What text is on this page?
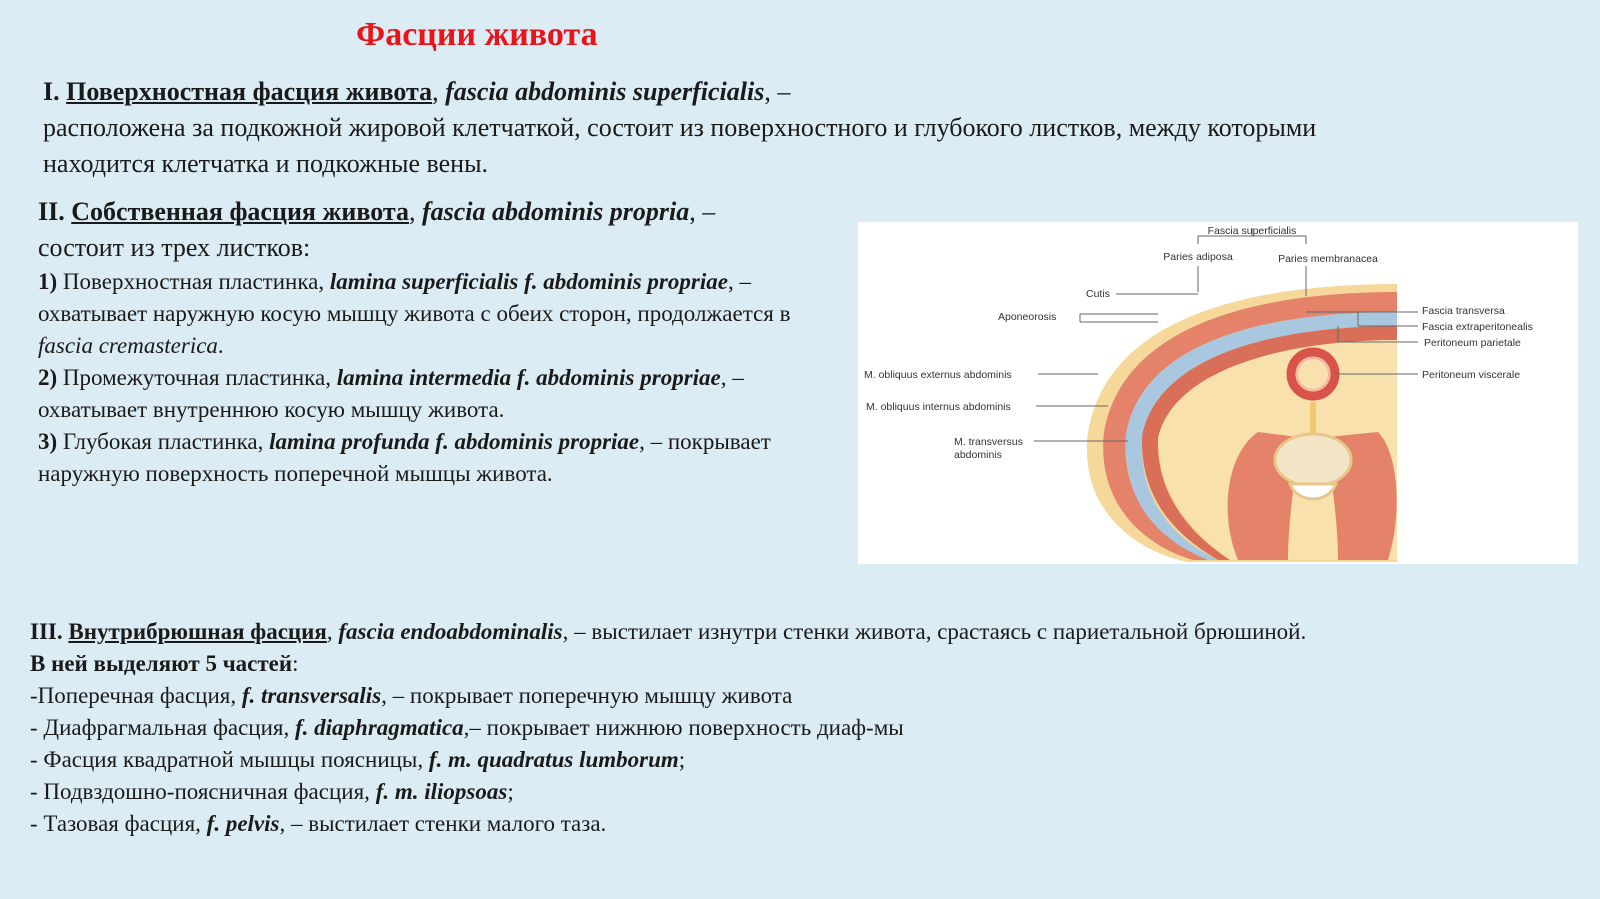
Фасции живота
I. Поверхностная фасция живота, fascia abdominis superficialis, –
расположена за подкожной жировой клетчаткой, состоит из поверхностного и глубокого листков, между которыми
находится клетчатка и подкожные вены.
II. Собственная фасция живота, fascia abdominis propria, –
состоит из трех листков:
1) Поверхностная пластинка, lamina superficialis f. abdominis propriae, –
охватывает наружную косую мышцу живота с обеих сторон, продолжается в
fascia cremasterica.
2) Промежуточная пластинка, lamina intermedia f. abdominis propriae, –
охватывает внутреннюю косую мышцу живота.
3) Глубокая пластинка, lamina profunda f. abdominis propriae, – покрывает
наружную поверхность поперечной мышцы живота.
Fascia superficialis
Paries adiposa	Paries membranacea
Cutis
Aponeorosis	Fascia transversa
Fascia extraperitonealis
Peritoneum parietale
M. obliquus externus abdominis	Peritoneum viscerale
M. obliquus internus abdominis
M. transversus
abdominis
III. Внутрибрюшная фасция, fascia endoabdominalis, – выстилает изнутри стенки живота, срастаясь с париетальной брюшиной.
В ней выделяют 5 частей:
-Поперечная фасция, f. transversalis, – покрывает поперечную мышцу живота
- Диафрагмальная фасция, f. diaphragmatica,– покрывает нижнюю поверхность диаф-мы
- Фасция квадратной мышцы поясницы, f. m. quadratus lumborum;
- Подвздошно-поясничная фасция, f. m. iliopsoas;
- Тазовая фасция, f. pelvis, – выстилает стенки малого таза.
